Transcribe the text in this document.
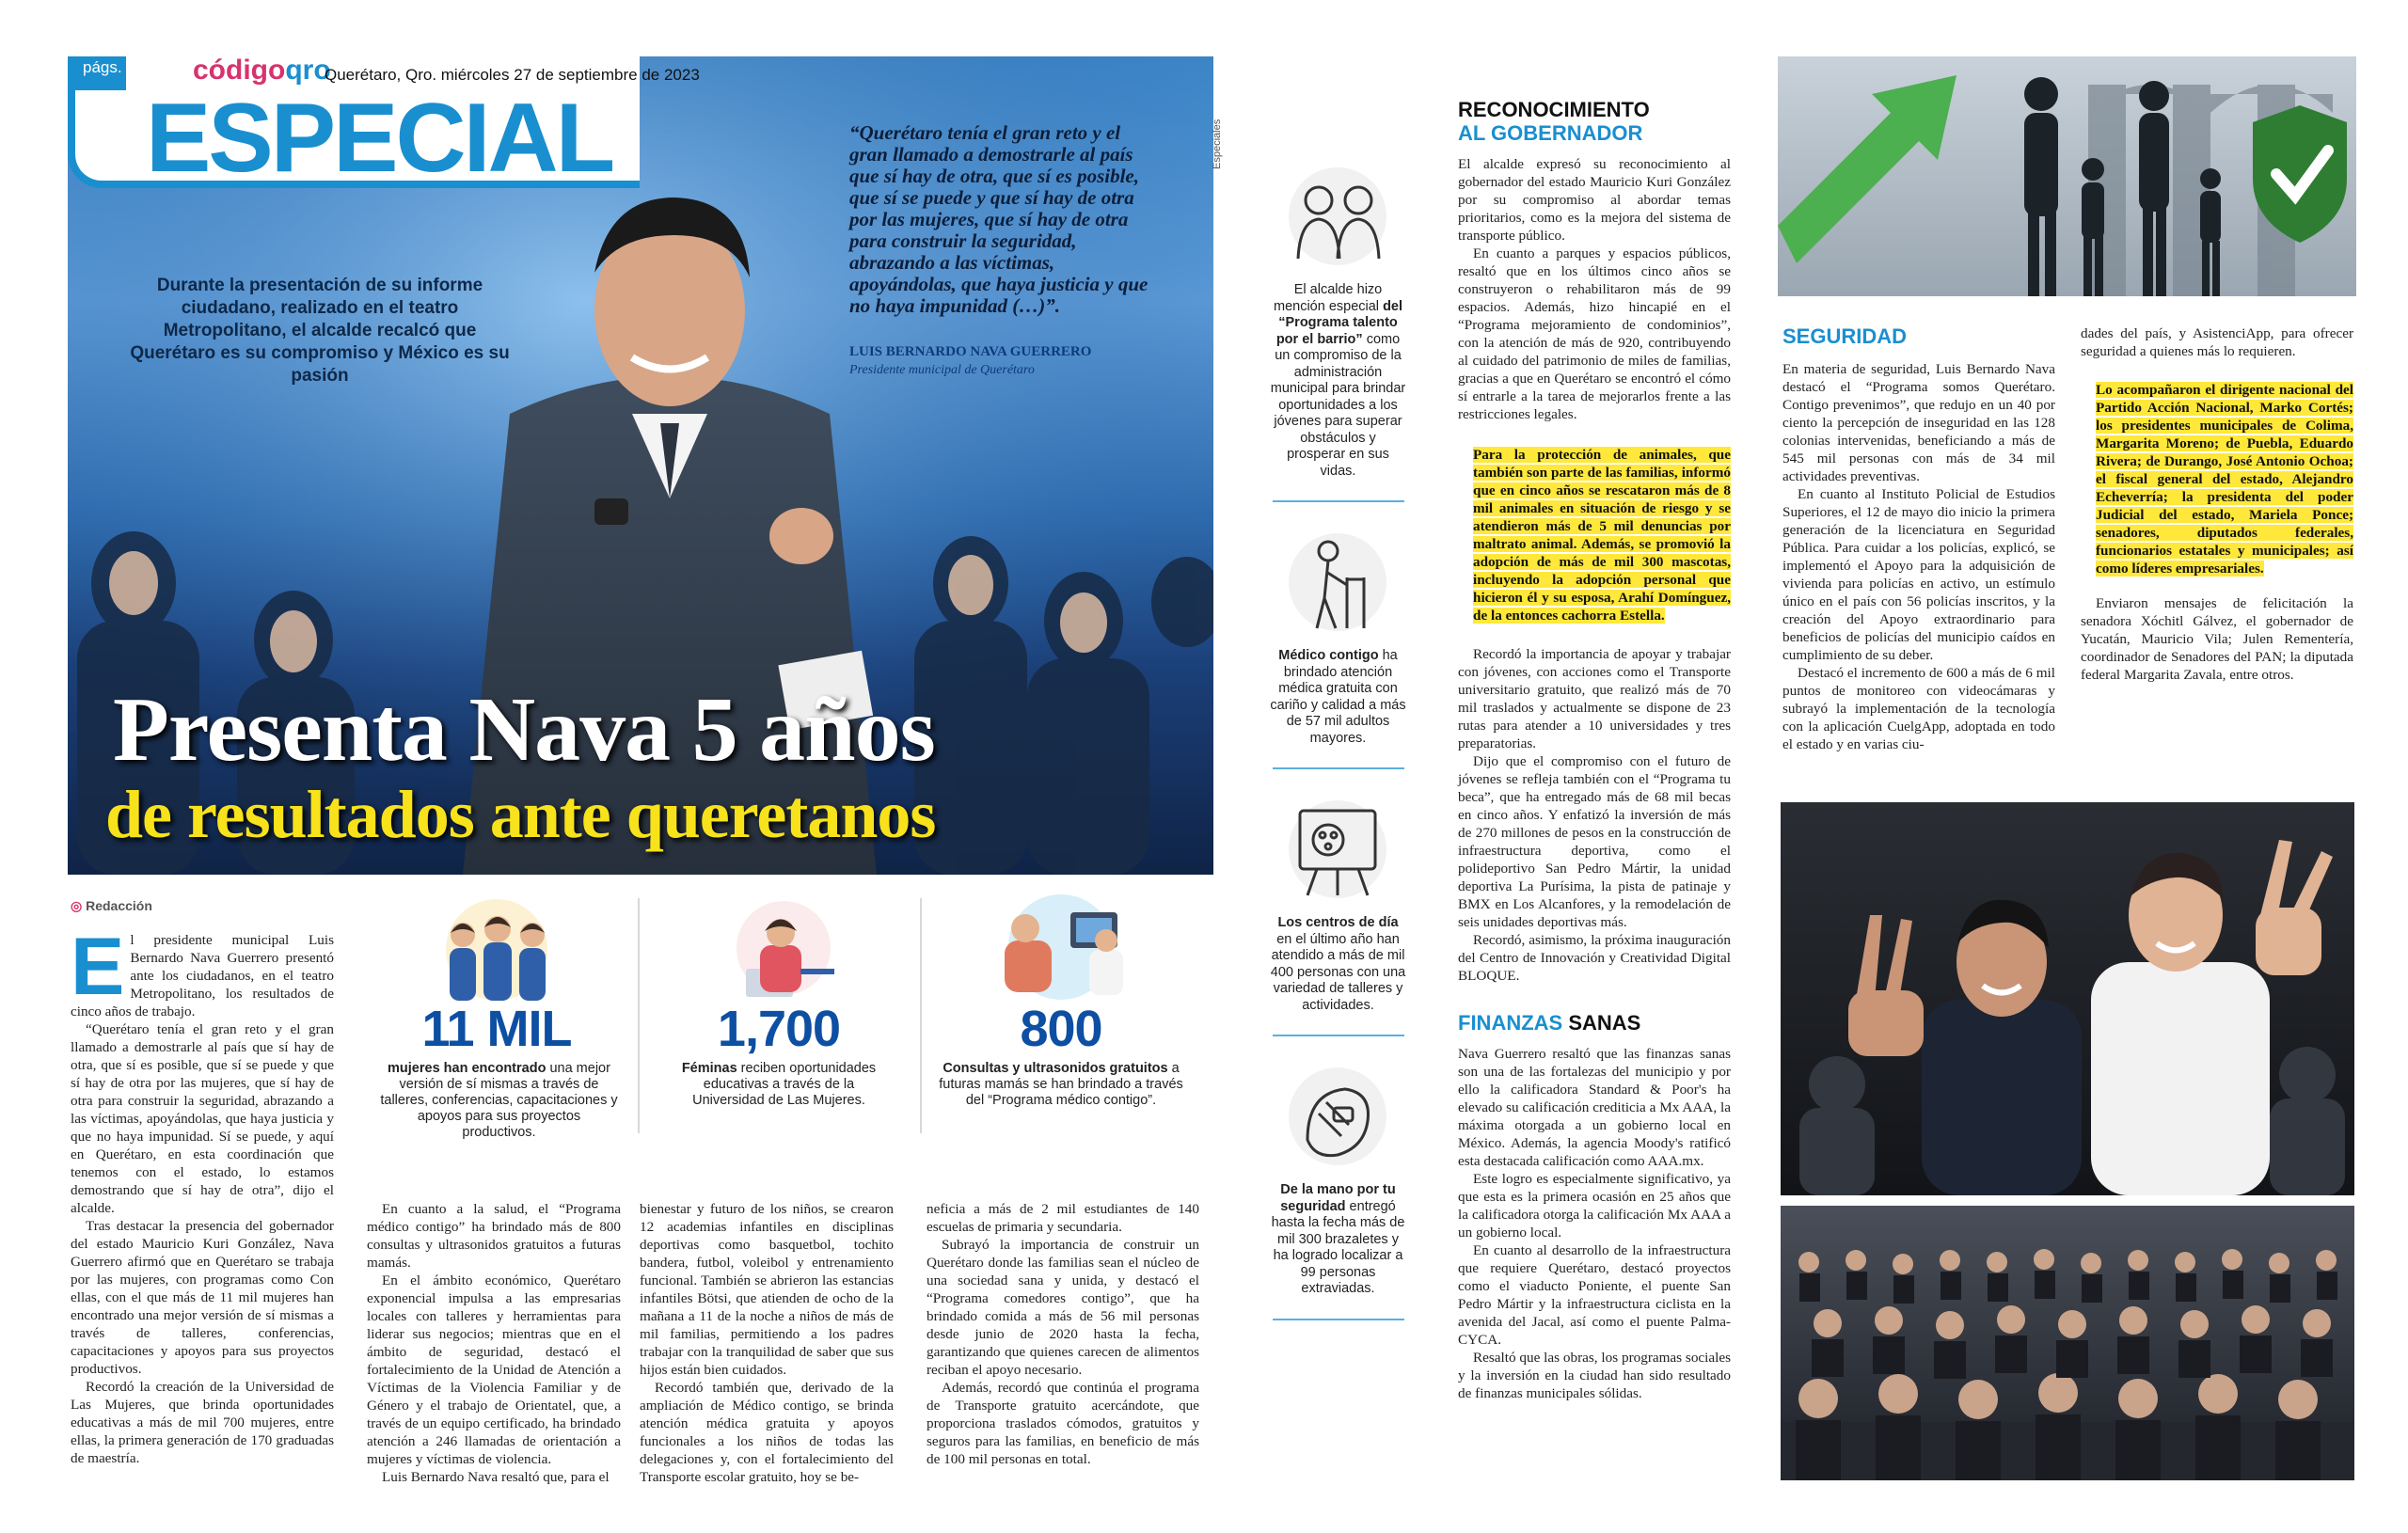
págs. 8 y 9 códigoqro
Querétaro, Qro. miércoles 27 de septiembre de 2023
ESPECIAL
Durante la presentación de su informe ciudadano, realizado en el teatro Metropolitano, el alcalde recalcó que Querétaro es su compromiso y México es su pasión
“Querétaro tenía el gran reto y el gran llamado a demostrarle al país que sí hay de otra, que sí es posible, que sí se puede y que sí hay de otra por las mujeres, que sí hay de otra para construir la seguridad, abrazando a las víctimas, apoyándolas, que haya justicia y que no haya impunidad (…)”.
LUIS BERNARDO NAVA GUERRERO
Presidente municipal de Querétaro
Presenta Nava 5 años
de resultados ante queretanos
◎ Redacción
E l presidente municipal Luis Bernardo Nava Guerrero presentó ante los ciudadanos, en el teatro Metropolitano, los resultados de cinco años de trabajo.

“Querétaro tenía el gran reto y el gran llamado a demostrarle al país que sí hay de otra, que sí es posible, que sí se puede y que sí hay de otra por las mujeres, que sí hay de otra para construir la seguridad, abrazando a las víctimas, apoyándolas, que haya justicia y que no haya impunidad. Sí se puede, y aquí en Querétaro, en esta coordinación que tenemos con el estado, lo estamos demostrando que sí hay de otra”, dijo el alcalde.

Tras destacar la presencia del gobernador del estado Mauricio Kuri González, Nava Guerrero afirmó que en Querétaro se trabaja por las mujeres, con programas como Con ellas, con el que más de 11 mil mujeres han encontrado una mejor versión de sí mismas a través de talleres, conferencias, capacitaciones y apoyos para sus proyectos productivos.

Recordó la creación de la Universidad de Las Mujeres, que brinda oportunidades educativas a más de mil 700 mujeres, entre ellas, la primera generación de 170 graduadas de maestría.

11 MIL
mujeres han encontrado una mejor versión de sí mismas a través de talleres, conferencias, capacitaciones y apoyos para sus proyectos productivos.
1,700
Féminas reciben oportunidades educativas a través de la Universidad de Las Mujeres.
800
Consultas y ultrasonidos gratuitos a futuras mamás se han brindado a través del “Programa médico contigo”.

En cuanto a la salud, el “Programa médico contigo” ha brindado más de 800 consultas y ultrasonidos gratuitos a futuras mamás.

En el ámbito económico, Querétaro exponencial impulsa a las empresarias locales con talleres y herramientas para liderar sus negocios; mientras que en el ámbito de seguridad, destacó el fortalecimiento de la Unidad de Atención a Víctimas de la Violencia Familiar y de Género y el trabajo de Orientatel, que, a través de un equipo certificado, ha brindado atención a 246 llamadas de orientación a mujeres y víctimas de violencia.

Luis Bernardo Nava resaltó que, para el

bienestar y futuro de los niños, se crearon 12 academias infantiles en disciplinas deportivas como basquetbol, tochito bandera, futbol, voleibol y entrenamiento funcional. También se abrieron las estancias infantiles Bötsi, que atienden de ocho de la mañana a 11 de la noche a niños de más de mil familias, permitiendo a los padres trabajar con la tranquilidad de saber que sus hijos están bien cuidados.

Recordó también que, derivado de la ampliación de Médico contigo, se brinda atención médica gratuita y apoyos funcionales a los niños de todas las delegaciones y, con el fortalecimiento del Transporte escolar gratuito, hoy se be-

neficia a más de 2 mil estudiantes de 140 escuelas de primaria y secundaria.

Subrayó la importancia de construir un Querétaro donde las familias sean el núcleo de una sociedad sana y unida, y destacó el “Programa comedores contigo”, que ha brindado comida a más de 56 mil personas desde junio de 2020 hasta la fecha, garantizando que quienes carecen de alimentos reciban el apoyo necesario.

Además, recordó que continúa el programa de Transporte gratuito acercándote, que proporciona traslados cómodos, gratuitos y seguros para las familias, en beneficio de más de 100 mil personas en total.

Especiales
El alcalde hizo mención especial del “Programa talento por el barrio” como un compromiso de la administración municipal para brindar oportunidades a los jóvenes para superar obstáculos y prosperar en sus vidas.
Médico contigo ha brindado atención médica gratuita con cariño y calidad a más de 57 mil adultos mayores.
Los centros de día en el último año han atendido a más de mil 400 personas con una variedad de talleres y actividades.
De la mano por tu seguridad entregó hasta la fecha más de mil 300 brazaletes y ha logrado localizar a 99 personas extraviadas.
RECONOCIMIENTO
AL GOBERNADOR

El alcalde expresó su reconocimiento al gobernador del estado Mauricio Kuri González por su compromiso al abordar temas prioritarios, como es la mejora del sistema de transporte público.

En cuanto a parques y espacios públicos, resaltó que en los últimos cinco años se construyeron o rehabilitaron más de 99 espacios. Además, hizo hincapié en el “Programa mejoramiento de condominios”, con la atención de más de 920, contribuyendo al cuidado del patrimonio de miles de familias, gracias a que en Querétaro se encontró el cómo sí entrarle a la tarea de mejorarlos frente a las restricciones legales.

Para la protección de animales, que también son parte de las familias, informó que en cinco años se rescataron más de 8 mil animales en situación de riesgo y se atendieron más de 5 mil denuncias por maltrato animal. Además, se promovió la adopción de más de mil 300 mascotas, incluyendo la adopción personal que hicieron él y su esposa, Arahí Domínguez, de la entonces cachorra Estella.

Recordó la importancia de apoyar y trabajar con jóvenes, con acciones como el Transporte universitario gratuito, que realizó más de 70 mil traslados y actualmente se dispone de 23 rutas para atender a 10 universidades y tres preparatorias.

Dijo que el compromiso con el futuro de jóvenes se refleja también con el “Programa tu beca”, que ha entregado más de 68 mil becas en cinco años. Y enfatizó la inversión de más de 270 millones de pesos en la construcción de infraestructura deportiva, como el polideportivo San Pedro Mártir, la unidad deportiva La Purísima, la pista de patinaje y BMX en Los Alcanfores, y la remodelación de seis unidades deportivas más.

Recordó, asimismo, la próxima inauguración del Centro de Innovación y Creatividad Digital BLOQUE.

FINANZAS SANAS

Nava Guerrero resaltó que las finanzas sanas son una de las fortalezas del municipio y por ello la calificadora Standard & Poor's ha elevado su calificación crediticia a Mx AAA, la máxima otorgada a un gobierno local en México. Además, la agencia Moody's ratificó esta destacada calificación como AAA.mx.

Este logro es especialmente significativo, ya que esta es la primera ocasión en 25 años que la calificadora otorga la calificación Mx AAA a un gobierno local.

En cuanto al desarrollo de la infraestructura que requiere Querétaro, destacó proyectos como el viaducto Poniente, el puente San Pedro Mártir y la infraestructura ciclista en la avenida del Jacal, así como el puente Palma-CYCA.

Resaltó que las obras, los programas sociales y la inversión en la ciudad han sido resultado de finanzas municipales sólidas.

SEGURIDAD

En materia de seguridad, Luis Bernardo Nava destacó el “Programa somos Querétaro. Contigo prevenimos”, que redujo en un 40 por ciento la percepción de inseguridad en las 128 colonias intervenidas, beneficiando a más de 545 mil personas con más de 34 mil actividades preventivas.

En cuanto al Instituto Policial de Estudios Superiores, el 12 de mayo dio inicio la primera generación de la licenciatura en Seguridad Pública. Para cuidar a los policías, explicó, se implementó el Apoyo para la adquisición de vivienda para policías en activo, un estímulo único en el país con 56 policías inscritos, y la creación del Apoyo extraordinario para beneficios de policías del municipio caídos en cumplimiento de su deber.

Destacó el incremento de 600 a más de 6 mil puntos de monitoreo con videocámaras y subrayó la implementación de la tecnología con la aplicación CuelgApp, adoptada en todo el estado y en varias ciu-

dades del país, y AsistenciApp, para ofrecer seguridad a quienes más lo requieren.

Lo acompañaron el dirigente nacional del Partido Acción Nacional, Marko Cortés; los presidentes municipales de Colima, Margarita Moreno; de Puebla, Eduardo Rivera; de Durango, José Antonio Ochoa; el fiscal general del estado, Alejandro Echeverría; la presidenta del poder Judicial del estado, Mariela Ponce; senadores, diputados federales, funcionarios estatales y municipales; así como líderes empresariales.

Enviaron mensajes de felicitación la senadora Xóchitl Gálvez, el gobernador de Yucatán, Mauricio Vila; Julen Rementería, coordinador de Senadores del PAN; la diputada federal Margarita Zavala, entre otros.
